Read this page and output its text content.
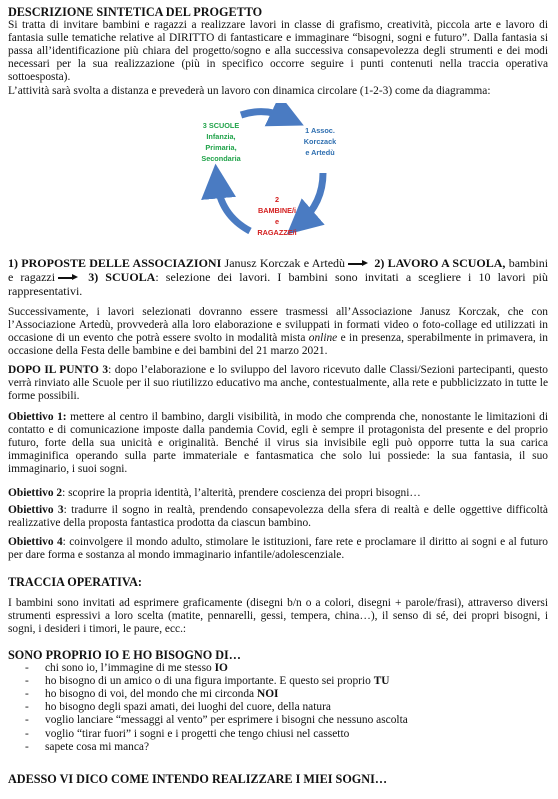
DESCRIZIONE SINTETICA DEL PROGETTO

Si tratta di invitare bambini e ragazzi a realizzare lavori in classe di grafismo, creatività, piccola arte e lavoro di fantasia sulle tematiche relative al DIRITTO di fantasticare e immaginare “bisogni, sogni e futuro”. Dalla fantasia si passa all’identificazione più chiara del progetto/sogno e alla successiva consapevolezza degli strumenti e dei modi necessari per la sua realizzazione (più in specifico occorre seguire i punti contenuti nella traccia operativa sottoesposta).

L’attività sarà svolta a distanza e prevederà un lavoro con dinamica circolare (1-2-3) come da diagramma:

3 SCUOLE
Infanzia,
Primaria,
Secondaria
1 Assoc.
Korczack
e Artedù
2
BAMBINE/i
e
RAGAZZE/i

1) PROPOSTE DELLE ASSOCIAZIONI Janusz Korczak e Artedù 2) LAVORO A SCUOLA, bambini e ragazzi	3) SCUOLA: selezione dei lavori. I bambini sono invitati a scegliere i 10 lavori più rappresentativi.

Successivamente, i lavori selezionati dovranno essere trasmessi all’Associazione Janusz Korczak, che con l’Associazione Artedù, provvederà alla loro elaborazione e sviluppati in formati video o foto-collage ed utilizzati in occasione di un evento che potrà essere svolto in modalità mista online e in presenza, sperabilmente in primavera, in occasione della Festa delle bambine e dei bambini del 21 marzo 2021.

DOPO IL PUNTO 3: dopo l’elaborazione e lo sviluppo del lavoro ricevuto dalle Classi/Sezioni partecipanti, questo verrà rinviato alle Scuole per il suo riutilizzo educativo ma anche, contestualmente, alla rete e pubblicizzato in tutte le forme possibili.

Obiettivo 1: mettere al centro il bambino, dargli visibilità, in modo che comprenda che, nonostante le limitazioni di contatto e di comunicazione imposte dalla pandemia Covid, egli è sempre il protagonista del presente e del proprio futuro, forte della sua unicità e originalità. Benché il virus sia invisibile egli può opporre tutta la sua carica immaginifica operando sulla parte immateriale e fantasmatica che solo lui possiede: la sua fantasia, il suo immaginario, i suoi sogni.

Obiettivo 2: scoprire la propria identità, l’alterità, prendere coscienza dei propri bisogni…

Obiettivo 3: tradurre il sogno in realtà, prendendo consapevolezza della sfera di realtà e delle oggettive difficoltà realizzative della proposta fantastica prodotta da ciascun bambino.

Obiettivo 4: coinvolgere il mondo adulto, stimolare le istituzioni, fare rete e proclamare il diritto ai sogni e al futuro per dare forma e sostanza al mondo immaginario infantile/adolescenziale.

TRACCIA OPERATIVA:

I bambini sono invitati ad esprimere graficamente (disegni b/n o a colori, disegni + parole/frasi), attraverso diversi strumenti espressivi a loro scelta (matite, pennarelli, gessi, tempera, china…), il senso di sé, dei propri bisogni, i sogni, i desideri i timori, le paure, ecc.:

SONO PROPRIO IO E HO BISOGNO DI…
- chi sono io, l’immagine di me stesso IO
- ho bisogno di un amico o di una figura importante. E questo sei proprio TU
- ho bisogno di voi, del mondo che mi circonda NOI
- ho bisogno degli spazi amati, dei luoghi del cuore, della natura
- voglio lanciare “messaggi al vento” per esprimere i bisogni che nessuno ascolta
- voglio “tirar fuori” i sogni e i progetti che tengo chiusi nel cassetto
- sapete cosa mi manca?
ADESSO VI DICO COME INTENDO REALIZZARE I MIEI SOGNI…
